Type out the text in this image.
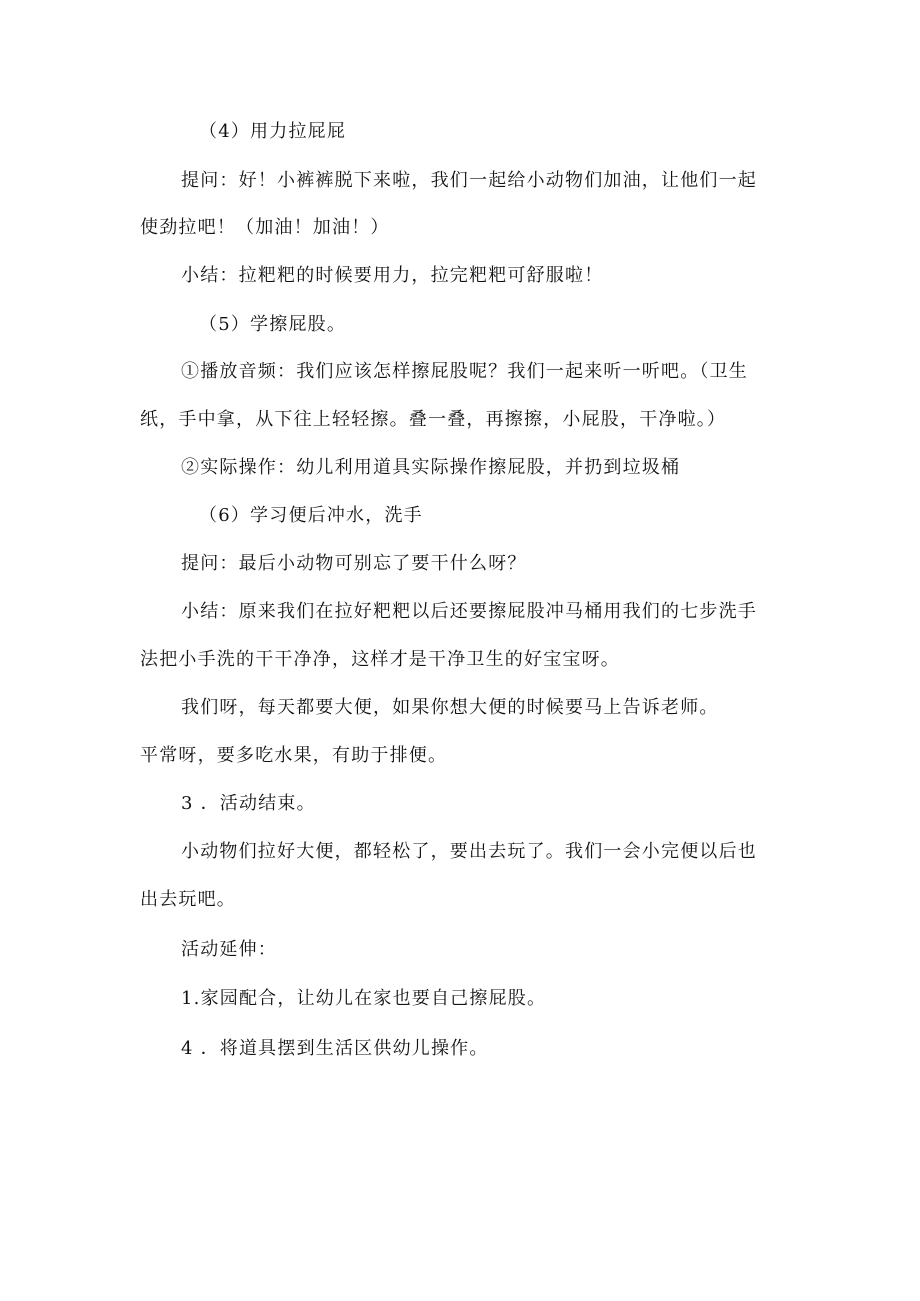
（4）用力拉屁屁
提问：好！小裤裤脱下来啦，我们一起给小动物们加油，让他们一起
使劲拉吧！（加油！加油！）
小结：拉粑粑的时候要用力，拉完粑粑可舒服啦！
（5）学擦屁股。
①播放音频：我们应该怎样擦屁股呢？我们一起来听一听吧。（卫生
纸，手中拿，从下往上轻轻擦。叠一叠，再擦擦，小屁股，干净啦。）
②实际操作：幼儿利用道具实际操作擦屁股，并扔到垃圾桶
（6）学习便后冲水，洗手
提问：最后小动物可别忘了要干什么呀？
小结：原来我们在拉好粑粑以后还要擦屁股冲马桶用我们的七步洗手
法把小手洗的干干净净，这样才是干净卫生的好宝宝呀。
我们呀，每天都要大便，如果你想大便的时候要马上告诉老师。
平常呀，要多吃水果，有助于排便。
3 ．活动结束。
小动物们拉好大便，都轻松了，要出去玩了。我们一会小完便以后也
出去玩吧。
活动延伸：
1.家园配合，让幼儿在家也要自己擦屁股。
4 ．将道具摆到生活区供幼儿操作。
